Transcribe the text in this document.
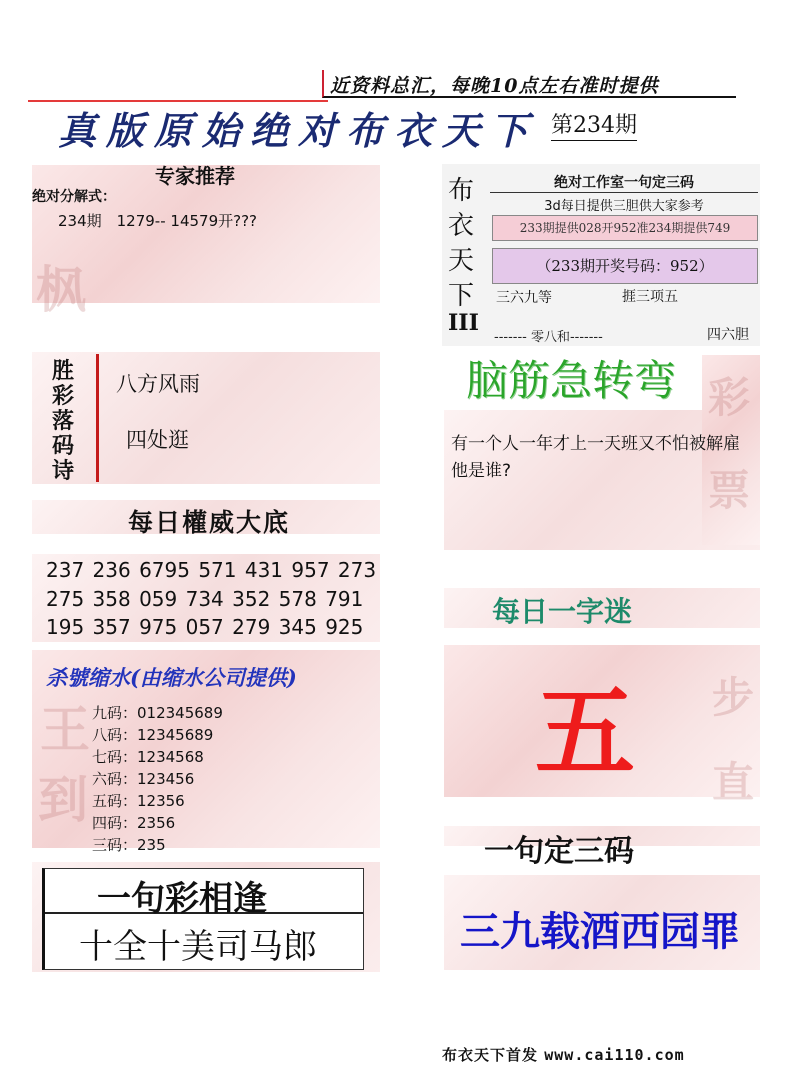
枫
王
到
彩
票
步
直
近资料总汇，每晚10点左右准时提供
真版原始绝对布衣天下 第234期
专家推荐
绝对分解式：
234期　1279-- 14579开???
胜
彩
落
码
诗
八方风雨
四处逛
每日權威大底
237 236 6795 571 431 957 273
275 358 059 734 352 578 791
195 357 975 057 279 345 925
杀號缩水(由缩水公司提供)
九码：012345689
八码：12345689
七码：1234568
六码：123456
五码：12356
四码：2356
三码：235
一句彩相逢
十全十美司马郎
布
衣
天
下
III
绝对工作室一句定三码
3d每日提供三胆供大家参考
233期提供028开952准234期提供749
（233期开奖号码：952）
三六九等	捱三项五
------- 零八和-------	四六胆
脑筋急转弯
有一个人一年才上一天班又不怕被解雇他是谁?
每日一字迷
五
一句定三码
三九载酒西园罪
布衣天下首发 www.cai110.com
